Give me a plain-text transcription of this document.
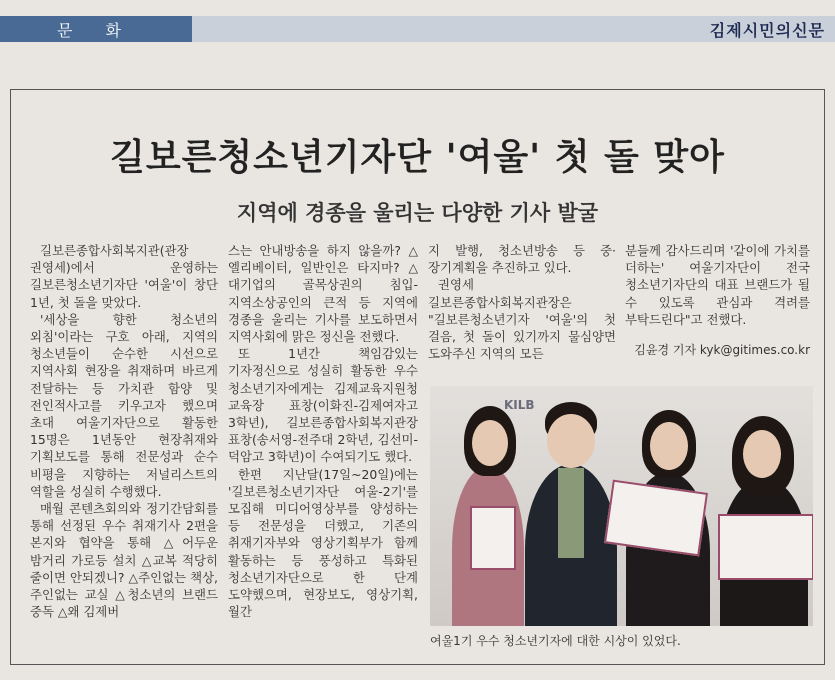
문 화	김제시민의신문
길보른청소년기자단 '여울' 첫 돌 맞아
지역에 경종을 울리는 다양한 기사 발굴

길보른종합사회복지관(관장 권영세)에서 운영하는 길보른청소년기자단 '여울'이 창단 1년, 첫 돌을 맞았다.

'세상을 향한 청소년의 외침'이라는 구호 아래, 지역의 청소년들이 순수한 시선으로 지역사회 현장을 취재하며 바르게 전달하는 등 가치관 함양 및 전인적사고를 키우고자 했으며 초대 여울기자단으로 활동한 15명은 1년동안 현장취재와 기획보도를 통해 전문성과 순수 비평을 지향하는 저널리스트의 역할을 성실히 수행했다.

매월 콘텐츠회의와 정기간담회를 통해 선정된 우수 취재기사 2편을 본지와 협약을 통해 △어두운 밤거리 가로등 설치 △교복 적당히 줄이면 안되겠니? △주인없는 책상, 주인없는 교실 △청소년의 브랜드 중독 △왜 김제버

스는 안내방송을 하지 않을까? △엘리베이터, 일반인은 타지마? △대기업의 골목상권의 침입-지역소상공인의 큰적 등 지역에 경종을 울리는 기사를 보도하면서 지역사회에 맑은 정신을 전했다.

또 1년간 책임감있는 기자정신으로 성실히 활동한 우수 청소년기자에게는 김제교육지원청 교육장 표창(이화진-김제여자고 3학년), 길보른종합사회복지관장 표창(송서영-전주대 2학년, 김선미-덕암고 3학년)이 수여되기도 했다.

한편 지난달(17일~20일)에는 '길보른청소년기자단 여울-2기'를 모집해 미디어영상부를 양성하는 등 전문성을 더했고, 기존의 취재기자부와 영상기획부가 함께 활동하는 등 풍성하고 특화된 청소년기자단으로 한 단계 도약했으며, 현장보도, 영상기획, 월간

지 발행, 청소년방송 등 중·장기계획을 추진하고 있다.

권영세 길보른종합사회복지관장은 "길보른청소년기자 '여울'의 첫 걸음, 첫 돌이 있기까지 물심양면 도와주신 지역의 모든

분들께 감사드리며 '같이에 가치를 더하는' 여울기자단이 전국 청소년기자단의 대표 브랜드가 될 수 있도록 관심과 격려를 부탁드린다"고 전했다.

김윤경 기자 kyk@gitimes.co.kr
KILB
여울1기 우수 청소년기자에 대한 시상이 있었다.
